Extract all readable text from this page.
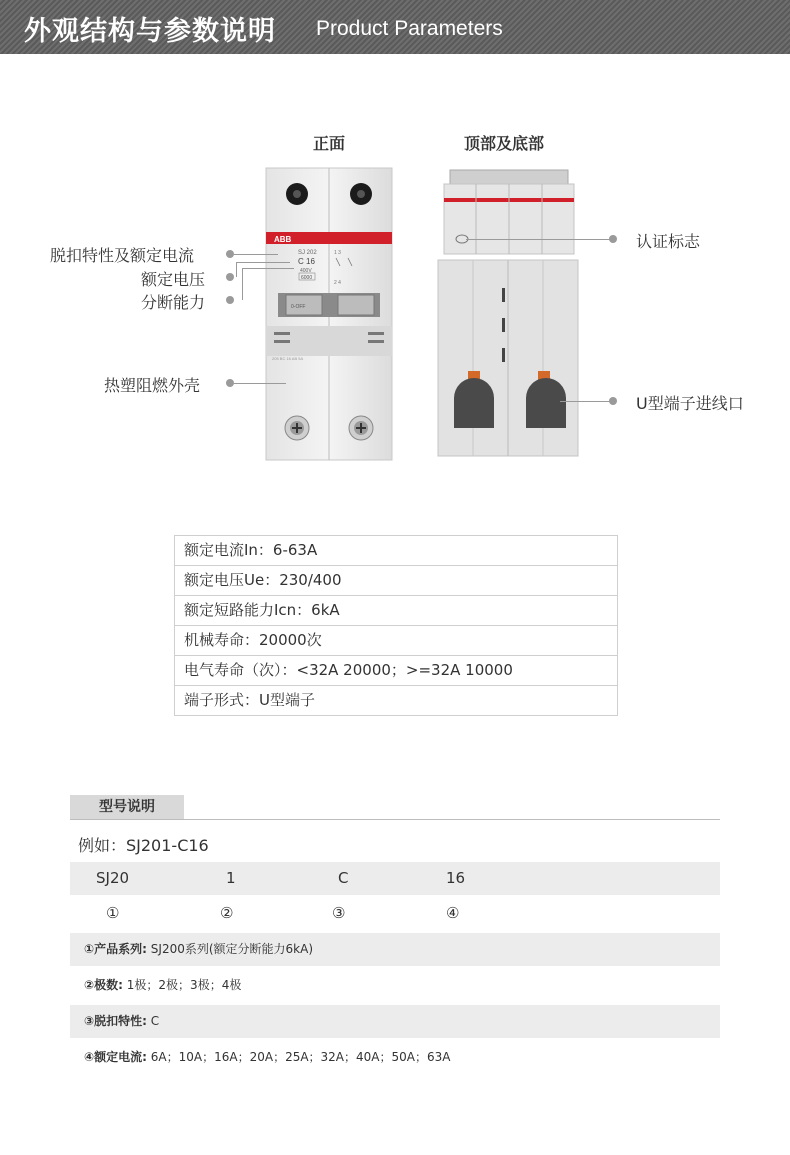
外观结构与参数说明 Product Parameters
正面	顶部及底部
ABB
SJ 202
C 16
400V
6000
1 3
2 4
0-OFF
205 BC 16 AB 5A
脱扣特性及额定电流
额定电压
分断能力
热塑阻燃外壳
认证标志
U型端子进线口
额定电流In：6-63A
额定电压Ue：230/400
额定短路能力Icn：6kA
机械寿命：20000次
电气寿命（次）：<32A 20000；>=32A 10000
端子形式：U型端子
型号说明
例如：SJ201-C16
SJ20	1	C	16
①	②	③	④
①产品系列: SJ200系列(额定分断能力6kA)
②极数: 1极；2极；3极；4极
③脱扣特性: C
④额定电流: 6A；10A；16A；20A；25A；32A；40A；50A；63A
